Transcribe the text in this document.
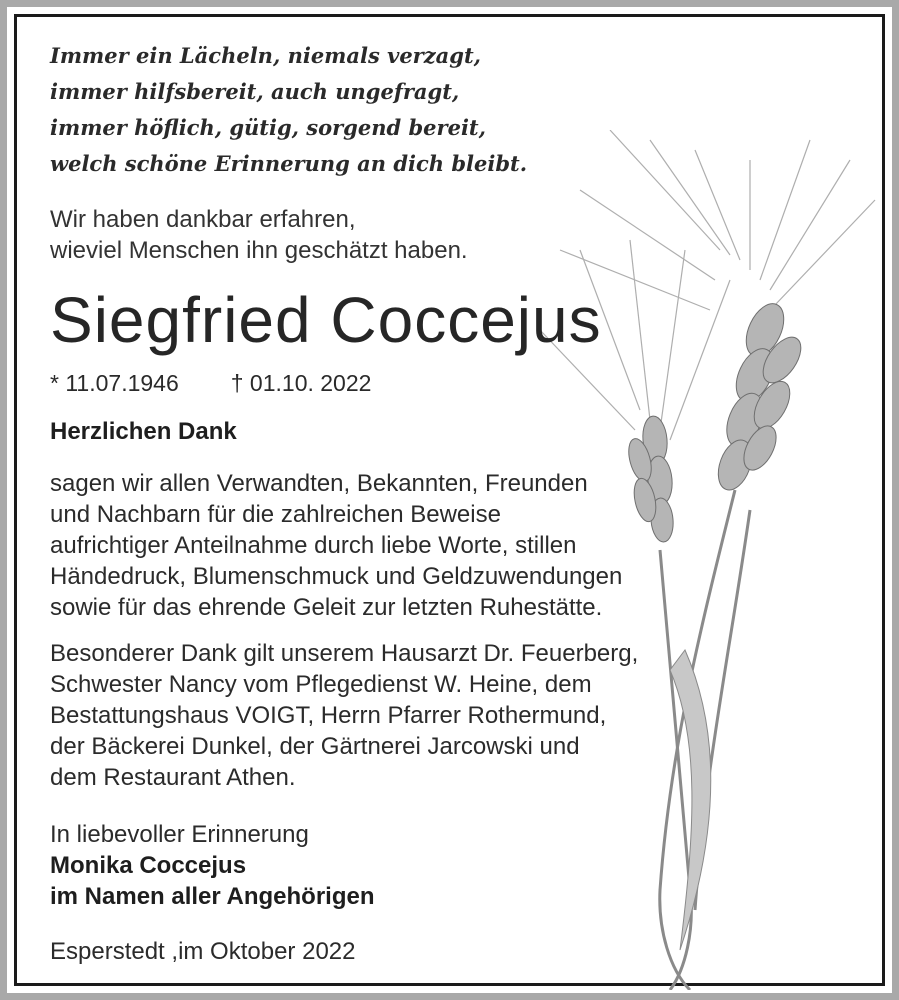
Immer ein Lächeln, niemals verzagt,
immer hilfsbereit, auch ungefragt,
immer höflich, gütig, sorgend bereit,
welch schöne Erinnerung an dich bleibt.
Wir haben dankbar erfahren,
wieviel Menschen ihn geschätzt haben.
Siegfried Coccejus
* 11.07.1946 † 01.10. 2022
Herzlichen Dank
sagen wir allen Verwandten, Bekannten, Freunden
und Nachbarn für die zahlreichen Beweise
aufrichtiger Anteilnahme durch liebe Worte, stillen
Händedruck, Blumenschmuck und Geldzuwendungen
sowie für das ehrende Geleit zur letzten Ruhestätte.
Besonderer Dank gilt unserem Hausarzt Dr. Feuerberg,
Schwester Nancy vom Pflegedienst W. Heine, dem
Bestattungshaus VOIGT, Herrn Pfarrer Rothermund,
der Bäckerei Dunkel, der Gärtnerei Jarcowski und
dem Restaurant Athen.
In liebevoller Erinnerung
Monika Coccejus
im Namen aller Angehörigen
Esperstedt ,im Oktober 2022
